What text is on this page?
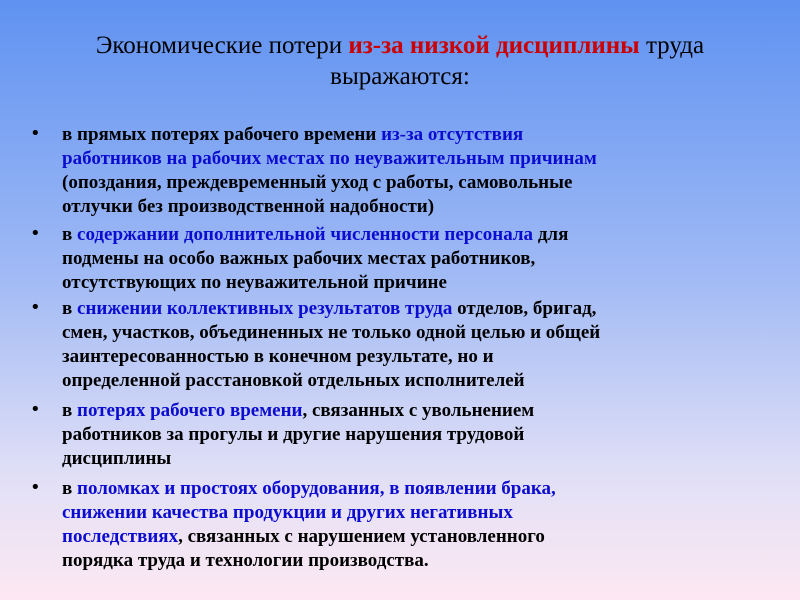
Экономические потери из-за низкой дисциплины труда
выражаются:
• в прямых потерях рабочего времени из-за отсутствия
работников на рабочих местах по неуважительным причинам
(опоздания, преждевременный уход с работы, самовольные
отлучки без производственной надобности)
• в содержании дополнительной численности персонала для
подмены на особо важных рабочих местах работников,
отсутствующих по неуважительной причине
• в снижении коллективных результатов труда отделов, бригад,
смен, участков, объединенных не только одной целью и общей
заинтересованностью в конечном результате, но и
определенной расстановкой отдельных исполнителей
• в потерях рабочего времени, связанных с увольнением
работников за прогулы и другие нарушения трудовой
дисциплины
• в поломках и простоях оборудования, в появлении брака,
снижении качества продукции и других негативных
последствиях, связанных с нарушением установленного
порядка труда и технологии производства.
